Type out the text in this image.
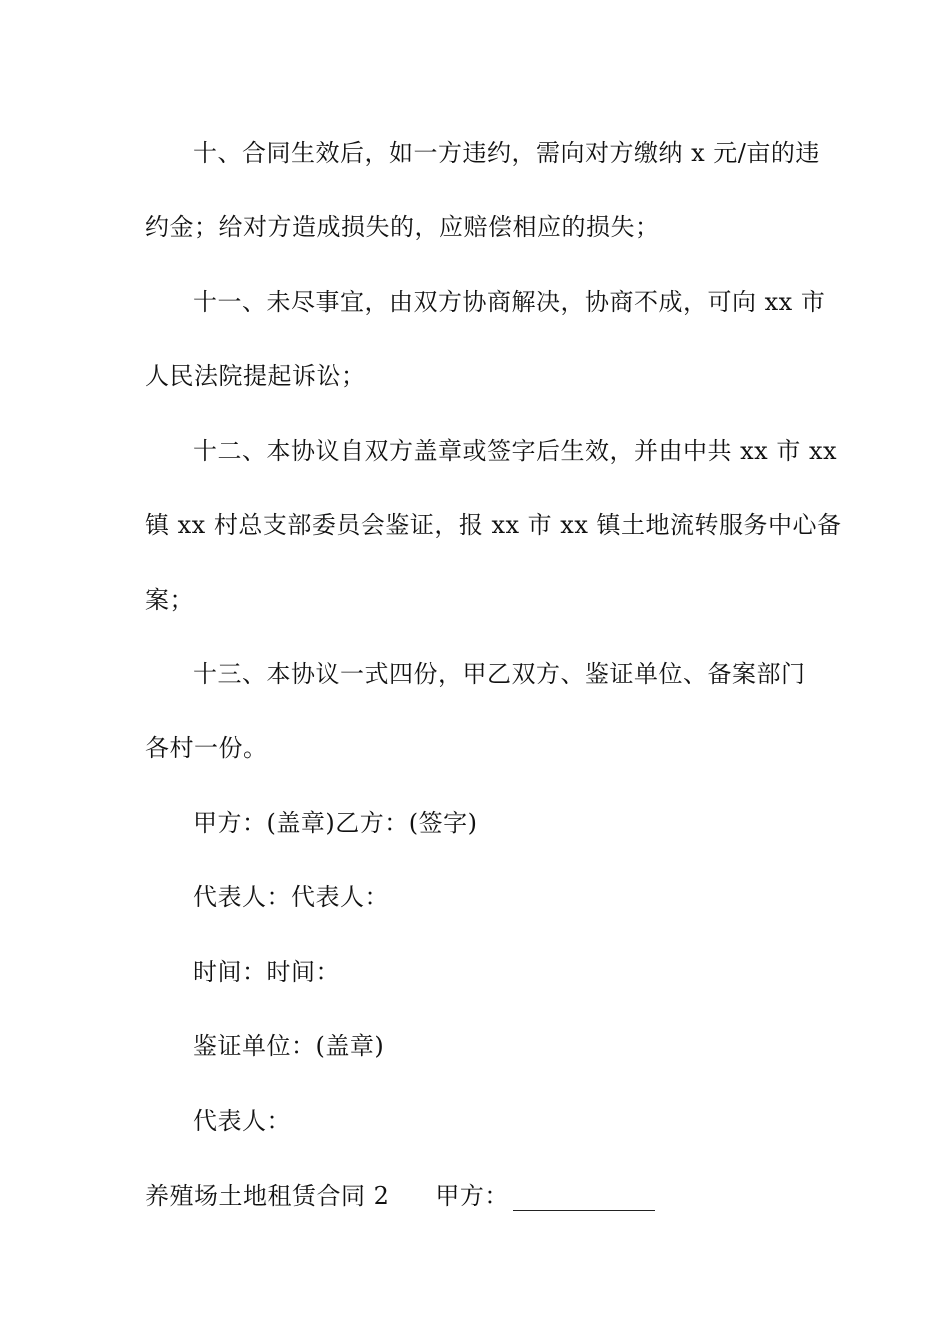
十、合同生效后，如一方违约，需向对方缴纳 x 元/亩的违
约金；给对方造成损失的，应赔偿相应的损失；
十一、未尽事宜，由双方协商解决，协商不成，可向 xx 市
人民法院提起诉讼；
十二、本协议自双方盖章或签字后生效，并由中共 xx 市 xx
镇 xx 村总支部委员会鉴证，报 xx 市 xx 镇土地流转服务中心备
案；
十三、本协议一式四份，甲乙双方、鉴证单位、备案部门
各村一份。
甲方：(盖章)乙方：(签字)
代表人：代表人：
时间：时间：
鉴证单位：(盖章)
代表人：
养殖场土地租赁合同 2 甲方：
